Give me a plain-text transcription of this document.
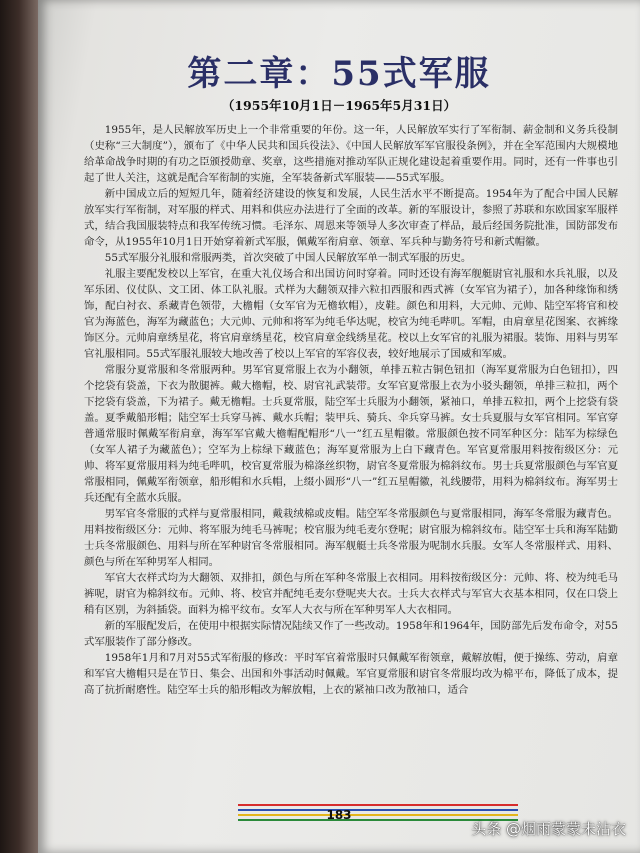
第二章：55式军服
（1955年10月1日－1965年5月31日）

1955年，是人民解放军历史上一个非常重要的年份。这一年，人民解放军实行了军衔制、薪金制和义务兵役制（史称“三大制度”），颁布了《中华人民共和国兵役法》、《中国人民解放军军官服役条例》，并在全军范围内大规模地给革命战争时期的有功之臣颁授勋章、奖章，这些措施对推动军队正规化建设起着重要作用。同时，还有一件事也引起了世人关注，这就是配合军衔制的实施，全军装备新式军服装——55式军服。

新中国成立后的短短几年，随着经济建设的恢复和发展，人民生活水平不断提高。1954年为了配合中国人民解放军实行军衔制，对军服的样式、用料和供应办法进行了全面的改革。新的军服设计，参照了苏联和东欧国家军服样式，结合我国服装特点和我军传统习惯。毛泽东、周恩来等领导人多次审查了样品，最后经国务院批准，国防部发布命令，从1955年10月1日开始穿着新式军服，佩戴军衔肩章、领章、军兵种与勤务符号和新式帽徽。

55式军服分礼服和常服两类，首次突破了中国人民解放军单一制式军服的历史。

礼服主要配发校以上军官，在重大礼仪场合和出国访问时穿着。同时还设有海军舰艇尉官礼服和水兵礼服，以及军乐团、仪仗队、文工团、体工队礼服。式样为大翻领双排六粒扣西服和西式裤（女军官为裙子），加各种缘饰和绣饰，配白衬衣、系藏青色领带，大檐帽（女军官为无檐软帽），皮鞋。颜色和用料，大元帅、元帅、陆空军将官和校官为海蓝色，海军为藏蓝色；大元帅、元帅和将军为纯毛华达呢，校官为纯毛哔叽。军帽，由肩章星花图案、衣裤缘饰区分。元帅肩章绣星花，将官肩章绣星花，校官肩章金线绣星花。校以上女军官的礼服为裙服。装饰、用料与男军官礼服相同。55式军服礼服较大地改善了校以上军官的军容仪表，较好地展示了国威和军威。

常服分夏常服和冬常服两种。男军官夏常服上衣为小翻领，单排五粒古铜色钮扣（海军夏常服为白色钮扣），四个挖袋有袋盖，下衣为散腿裤。戴大檐帽，校、尉官礼武装带。女军官夏常服上衣为小驳头翻领，单排三粒扣，两个下挖袋有袋盖，下为裙子。戴无檐帽。士兵夏常服，陆空军士兵服为小翻领，紧袖口，单排五粒扣，两个上挖袋有袋盖。夏季戴船形帽；陆空军士兵穿马裤、戴水兵帽；装甲兵、骑兵、伞兵穿马裤。女士兵夏服与女军官相同。军官穿普通常服时佩戴军衔肩章，海军军官戴大檐帽配帽形“八一”红五星帽徽。常服颜色按不同军种区分：陆军为棕绿色（女军人裙子为藏蓝色）；空军为上棕绿下藏蓝色；海军夏常服为上白下藏青色。军官夏常服用料按衔级区分：元帅、将军夏常服用料为纯毛哔叽，校官夏常服为棉涤丝织物，尉官冬夏常服为棉斜纹布。男士兵夏常服颜色与军官夏常服相同，佩戴军衔领章，船形帽和水兵帽，上缀小圆形“八一”红五星帽徽，礼线腰带，用料为棉斜纹布。海军男士兵还配有全蓝水兵服。

男军官冬常服的式样与夏常服相同，戴栽绒棉或皮帽。陆空军冬常服颜色与夏常服相同，海军冬常服为藏青色。用料按衔级区分：元帅、将军服为纯毛马裤呢；校官服为纯毛麦尔登呢；尉官服为棉斜纹布。陆空军士兵和海军陆勤士兵冬常服颜色、用料与所在军种尉官冬常服相同。海军舰艇士兵冬常服为呢制水兵服。女军人冬常服样式、用料、颜色与所在军种男军人相同。

军官大衣样式均为大翻领、双排扣，颜色与所在军种冬常服上衣相同。用料按衔级区分：元帅、将、校为纯毛马裤呢，尉官为棉斜纹布。元帅、将、校官并配纯毛麦尔登呢夹大衣。士兵大衣样式与军官大衣基本相同，仅在口袋上稍有区别，为斜插袋。面料为棉平纹布。女军人大衣与所在军种男军人大衣相同。

新的军服配发后，在使用中根据实际情况陆续又作了一些改动。1958年和1964年，国防部先后发布命令，对55式军服装作了部分修改。

1958年1月和7月对55式军衔服的修改：平时军官着常服时只佩戴军衔领章，戴解放帽，便于操练、劳动，肩章和军官大檐帽只是在节日、集会、出国和外事活动时佩戴。军官夏常服和尉官冬常服均改为棉平布，降低了成本，提高了抗折耐磨性。陆空军士兵的船形帽改为解放帽，上衣的紧袖口改为散袖口，适合

183
头条 @烟雨蒙蒙未沾衣
